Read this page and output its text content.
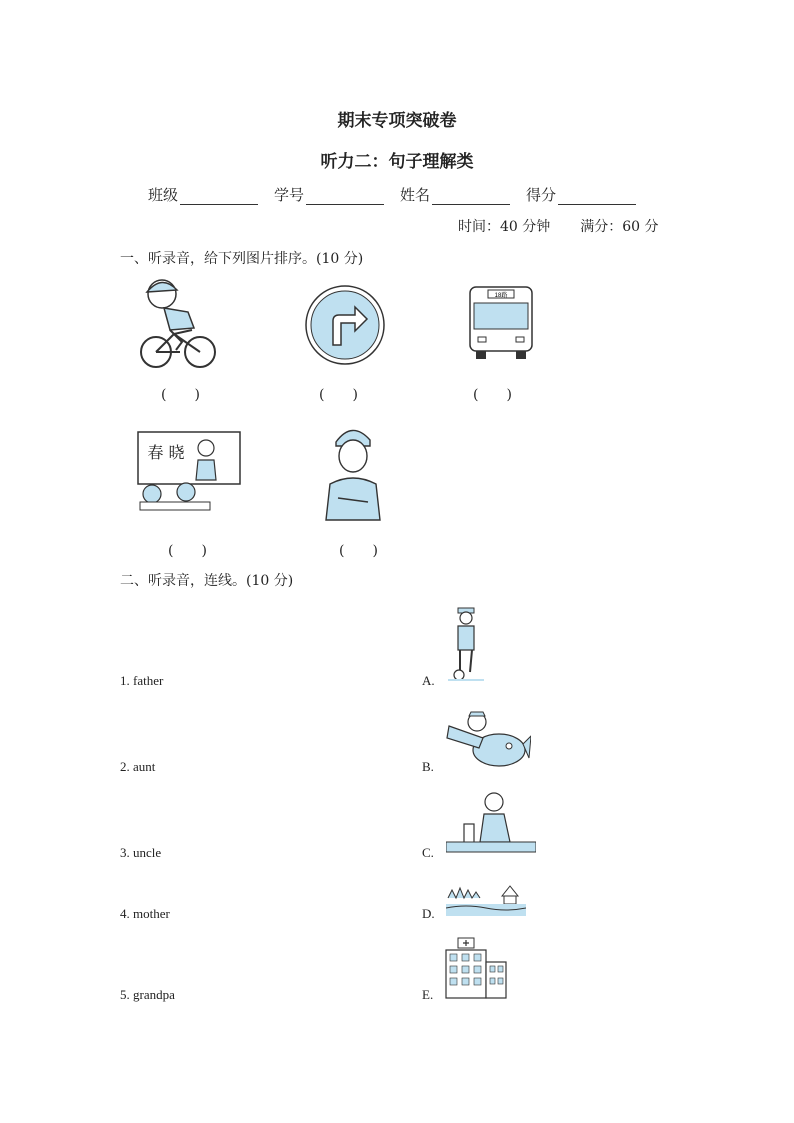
期末专项突破卷
听力二：句子理解类
班级	学号	姓名	得分
时间：40 分钟 满分：60 分
一、听录音，给下列图片排序。(10 分)
(　　)	(　　)
18路
(　　)
春 晓
(　　)	(　　)
二、听录音，连线。(10 分)
1. father
2. aunt
3. uncle
4. mother
5. grandpa
A.
B.
C.
D.
E.
